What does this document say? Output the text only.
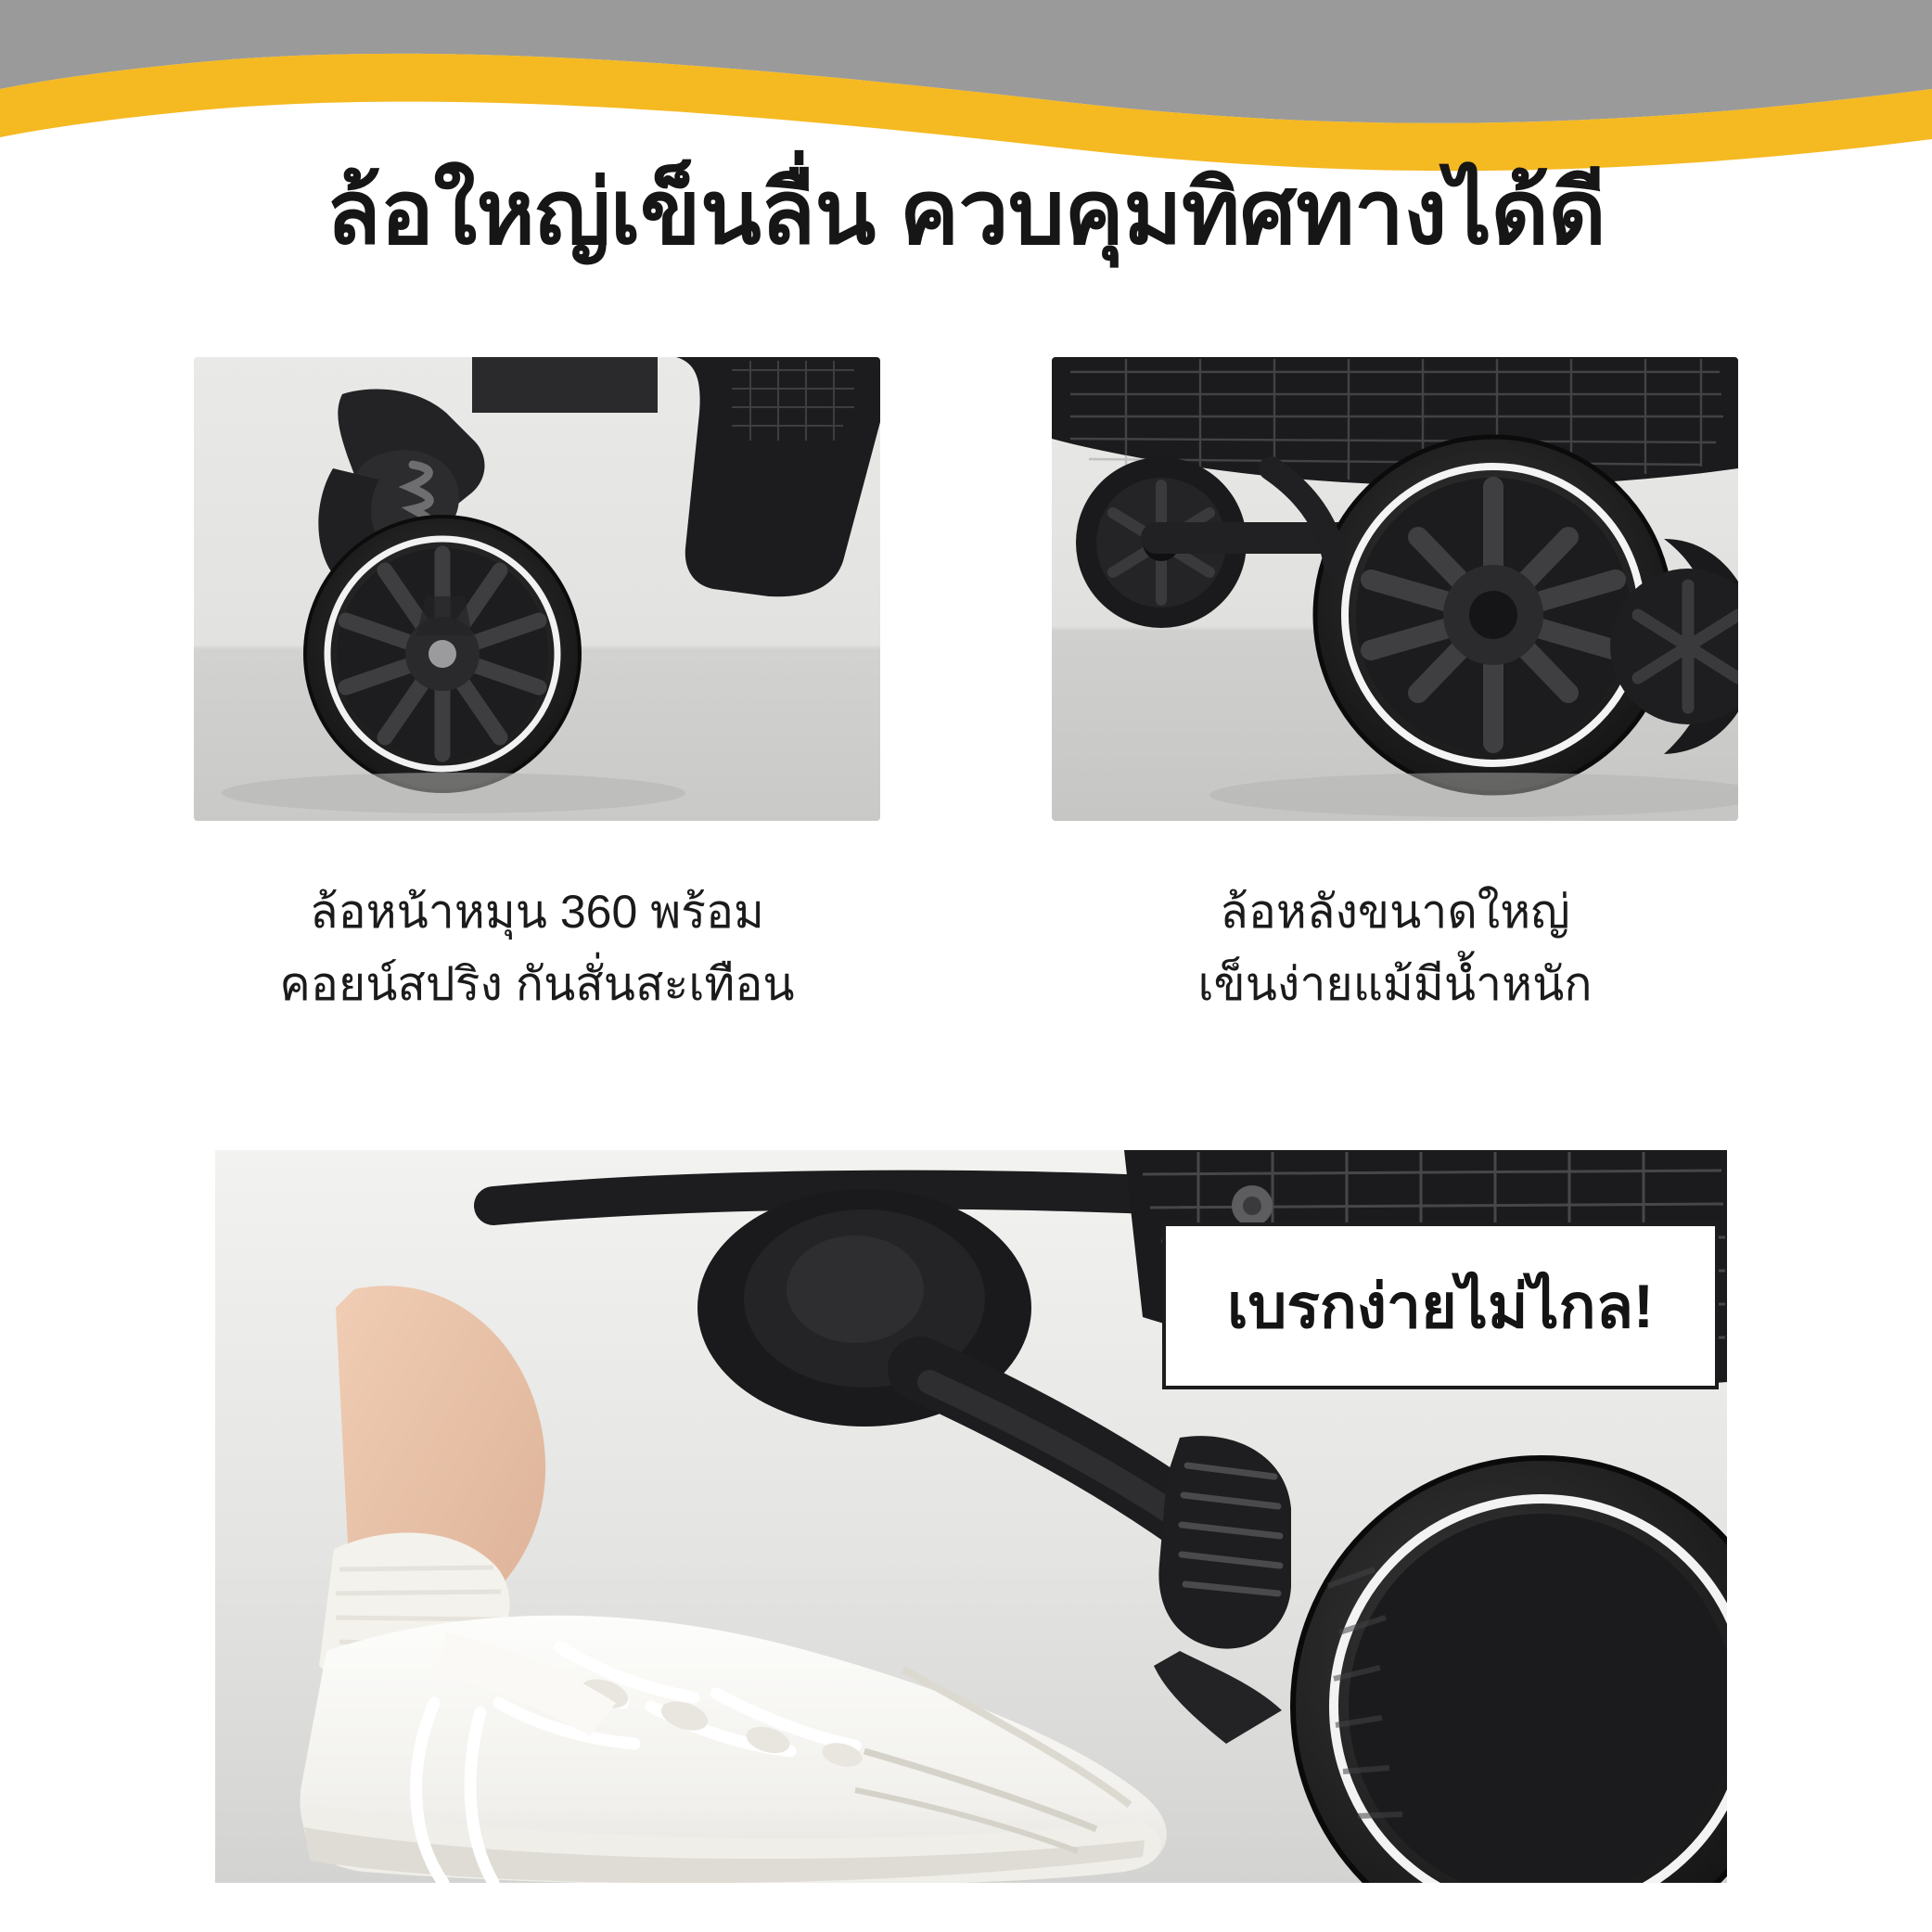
ล้อใหญ่เข็นลื่น ควบคุมทิศทางได้ดี
ล้อหน้าหมุน 360 พร้อม
คอยน์สปริง กันสั่นสะเทือน
ล้อหลังขนาดใหญ่
เข็นง่ายแม้มีน้ำหนัก
เบรกง่ายไม่ไกล!
